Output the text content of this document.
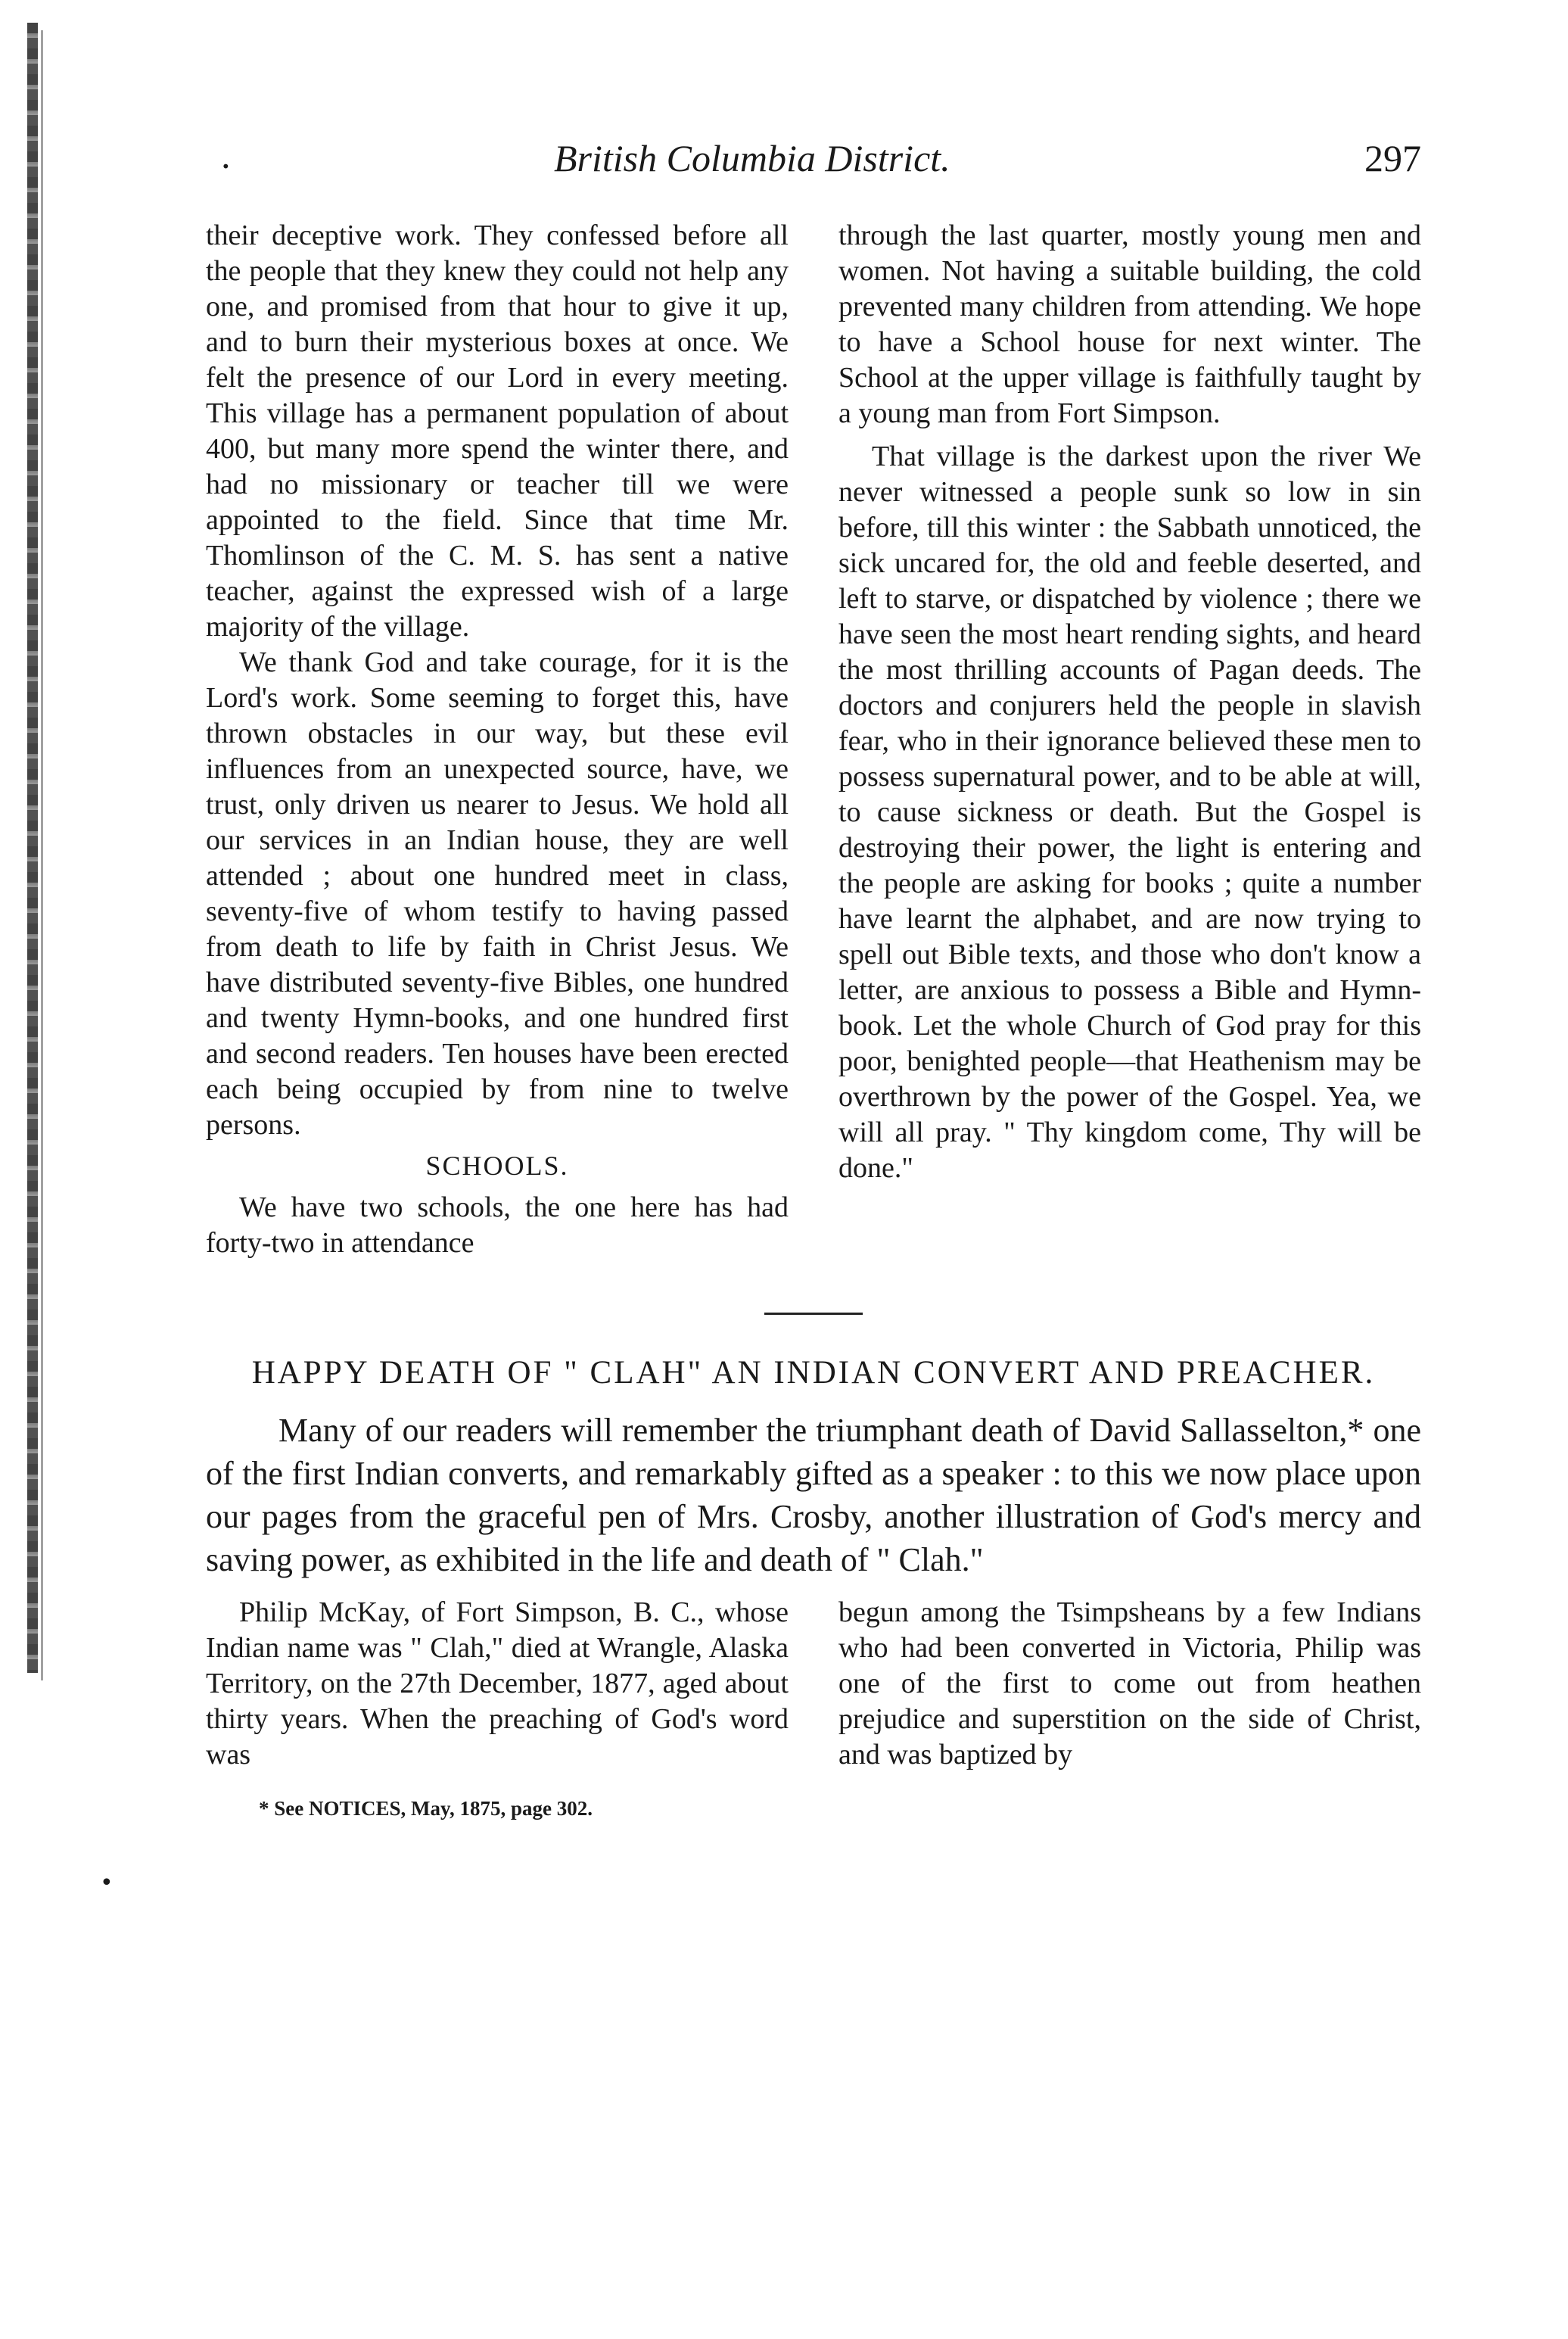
•
·	British Columbia District.	297

their deceptive work. They confessed before all the people that they knew they could not help any one, and promised from that hour to give it up, and to burn their mysterious boxes at once. We felt the presence of our Lord in every meeting. This village has a permanent population of about 400, but many more spend the winter there, and had no missionary or teacher till we were appointed to the field. Since that time Mr. Thomlinson of the C. M. S. has sent a native teacher, against the expressed wish of a large majority of the village.

We thank God and take courage, for it is the Lord's work. Some seeming to forget this, have thrown obstacles in our way, but these evil influences from an unexpected source, have, we trust, only driven us nearer to Jesus. We hold all our services in an Indian house, they are well attended ; about one hundred meet in class, seventy-five of whom testify to having passed from death to life by faith in Christ Jesus. We have distributed seventy-five Bibles, one hundred and twenty Hymn-books, and one hundred first and second readers. Ten houses have been erected each being occupied by from nine to twelve persons.

SCHOOLS.

We have two schools, the one here has had forty-two in attendance

through the last quarter, mostly young men and women. Not having a suitable building, the cold prevented many children from attending. We hope to have a School house for next winter. The School at the upper village is faithfully taught by a young man from Fort Simpson.

That village is the darkest upon the river We never witnessed a people sunk so low in sin before, till this winter : the Sabbath unnoticed, the sick uncared for, the old and feeble deserted, and left to starve, or dispatched by violence ; there we have seen the most heart rending sights, and heard the most thrilling accounts of Pagan deeds. The doctors and conjurers held the people in slavish fear, who in their ignorance believed these men to possess supernatural power, and to be able at will, to cause sickness or death. But the Gospel is destroying their power, the light is entering and the people are asking for books ; quite a number have learnt the alphabet, and are now trying to spell out Bible texts, and those who don't know a letter, are anxious to possess a Bible and Hymn-book. Let the whole Church of God pray for this poor, benighted people—that Heathenism may be overthrown by the power of the Gospel. Yea, we will all pray. " Thy kingdom come, Thy will be done."

HAPPY DEATH OF " CLAH" AN INDIAN CONVERT AND PREACHER.

Many of our readers will remember the triumphant death of David Sallasselton,* one of the first Indian converts, and remarkably gifted as a speaker : to this we now place upon our pages from the graceful pen of Mrs. Crosby, another illustration of God's mercy and saving power, as exhibited in the life and death of " Clah."

Philip McKay, of Fort Simpson, B. C., whose Indian name was " Clah," died at Wrangle, Alaska Territory, on the 27th December, 1877, aged about thirty years. When the preaching of God's word was

begun among the Tsimpsheans by a few Indians who had been converted in Victoria, Philip was one of the first to come out from heathen prejudice and superstition on the side of Christ, and was baptized by

* See NOTICES, May, 1875, page 302.
